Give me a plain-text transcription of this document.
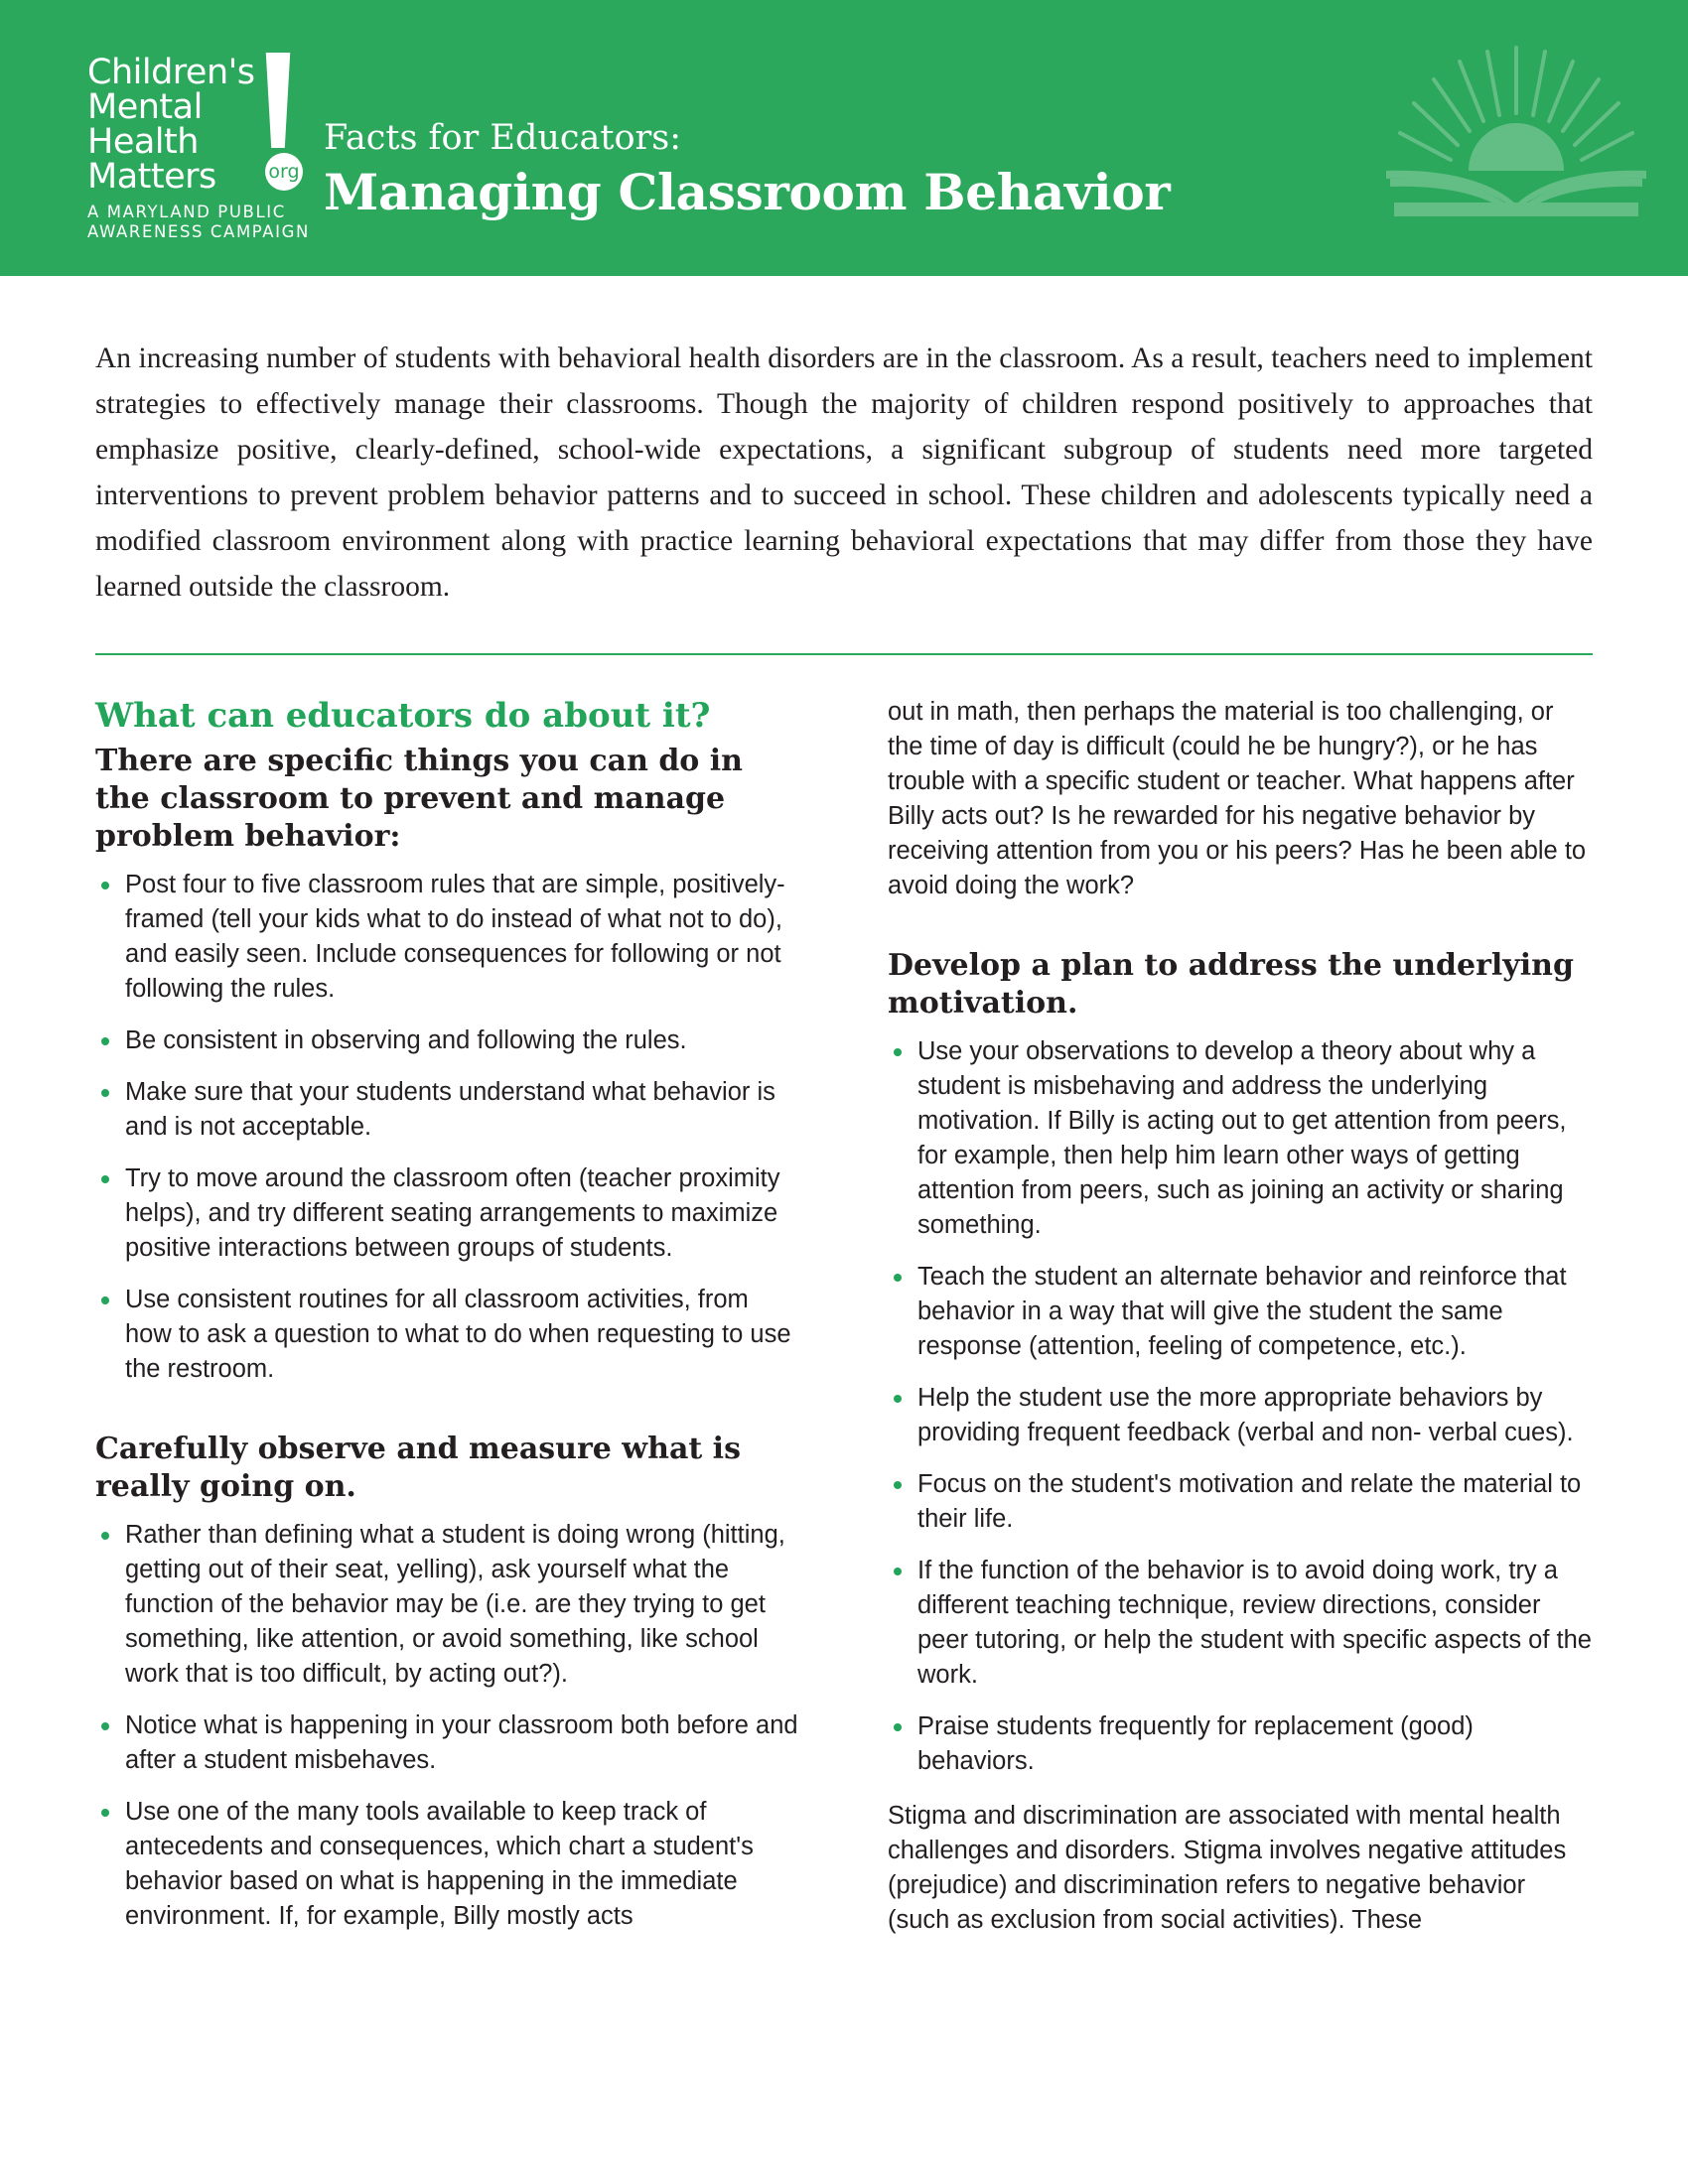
Children's
Mental
Health
Matters	org
A MARYLAND PUBLIC
AWARENESS CAMPAIGN
Facts for Educators:
Managing Classroom Behavior

An increasing number of students with behavioral health disorders are in the classroom. As a result, teachers need to implement strategies to effectively manage their classrooms. Though the majority of children respond positively to approaches that emphasize positive, clearly-defined, school-wide expectations, a significant subgroup of students need more targeted interventions to prevent problem behavior patterns and to succeed in school. These children and adolescents typically need a modified classroom environment along with practice learning behavioral expectations that may differ from those they have learned outside the classroom.

What can educators do about it?
There are specific things you can do in the classroom to prevent and manage problem behavior:
Post four to five classroom rules that are simple, positively-framed (tell your kids what to do instead of what not to do), and easily seen. Include consequences for following or not following the rules.
Be consistent in observing and following the rules.
Make sure that your students understand what behavior is and is not acceptable.
Try to move around the classroom often (teacher proximity helps), and try different seating arrangements to maximize positive interactions between groups of students.
Use consistent routines for all classroom activities, from how to ask a question to what to do when requesting to use the restroom.
Carefully observe and measure what is really going on.
Rather than defining what a student is doing wrong (hitting, getting out of their seat, yelling), ask yourself what the function of the behavior may be (i.e. are they trying to get something, like attention, or avoid something, like school work that is too difficult, by acting out?).
Notice what is happening in your classroom both before and after a student misbehaves.
Use one of the many tools available to keep track of antecedents and consequences, which chart a student's behavior based on what is happening in the immediate environment. If, for example, Billy mostly acts

out in math, then perhaps the material is too challenging, or the time of day is difficult (could he be hungry?), or he has trouble with a specific student or teacher. What happens after Billy acts out? Is he rewarded for his negative behavior by receiving attention from you or his peers? Has he been able to avoid doing the work?

Develop a plan to address the underlying motivation.
Use your observations to develop a theory about why a student is misbehaving and address the underlying motivation. If Billy is acting out to get attention from peers, for example, then help him learn other ways of getting attention from peers, such as joining an activity or sharing something.
Teach the student an alternate behavior and reinforce that behavior in a way that will give the student the same response (attention, feeling of competence, etc.).
Help the student use the more appropriate behaviors by providing frequent feedback (verbal and non- verbal cues).
Focus on the student's motivation and relate the material to their life.
If the function of the behavior is to avoid doing work, try a different teaching technique, review directions, consider peer tutoring, or help the student with specific aspects of the work.
Praise students frequently for replacement (good) behaviors.

Stigma and discrimination are associated with mental health challenges and disorders. Stigma involves negative attitudes (prejudice) and discrimination refers to negative behavior (such as exclusion from social activities). These
